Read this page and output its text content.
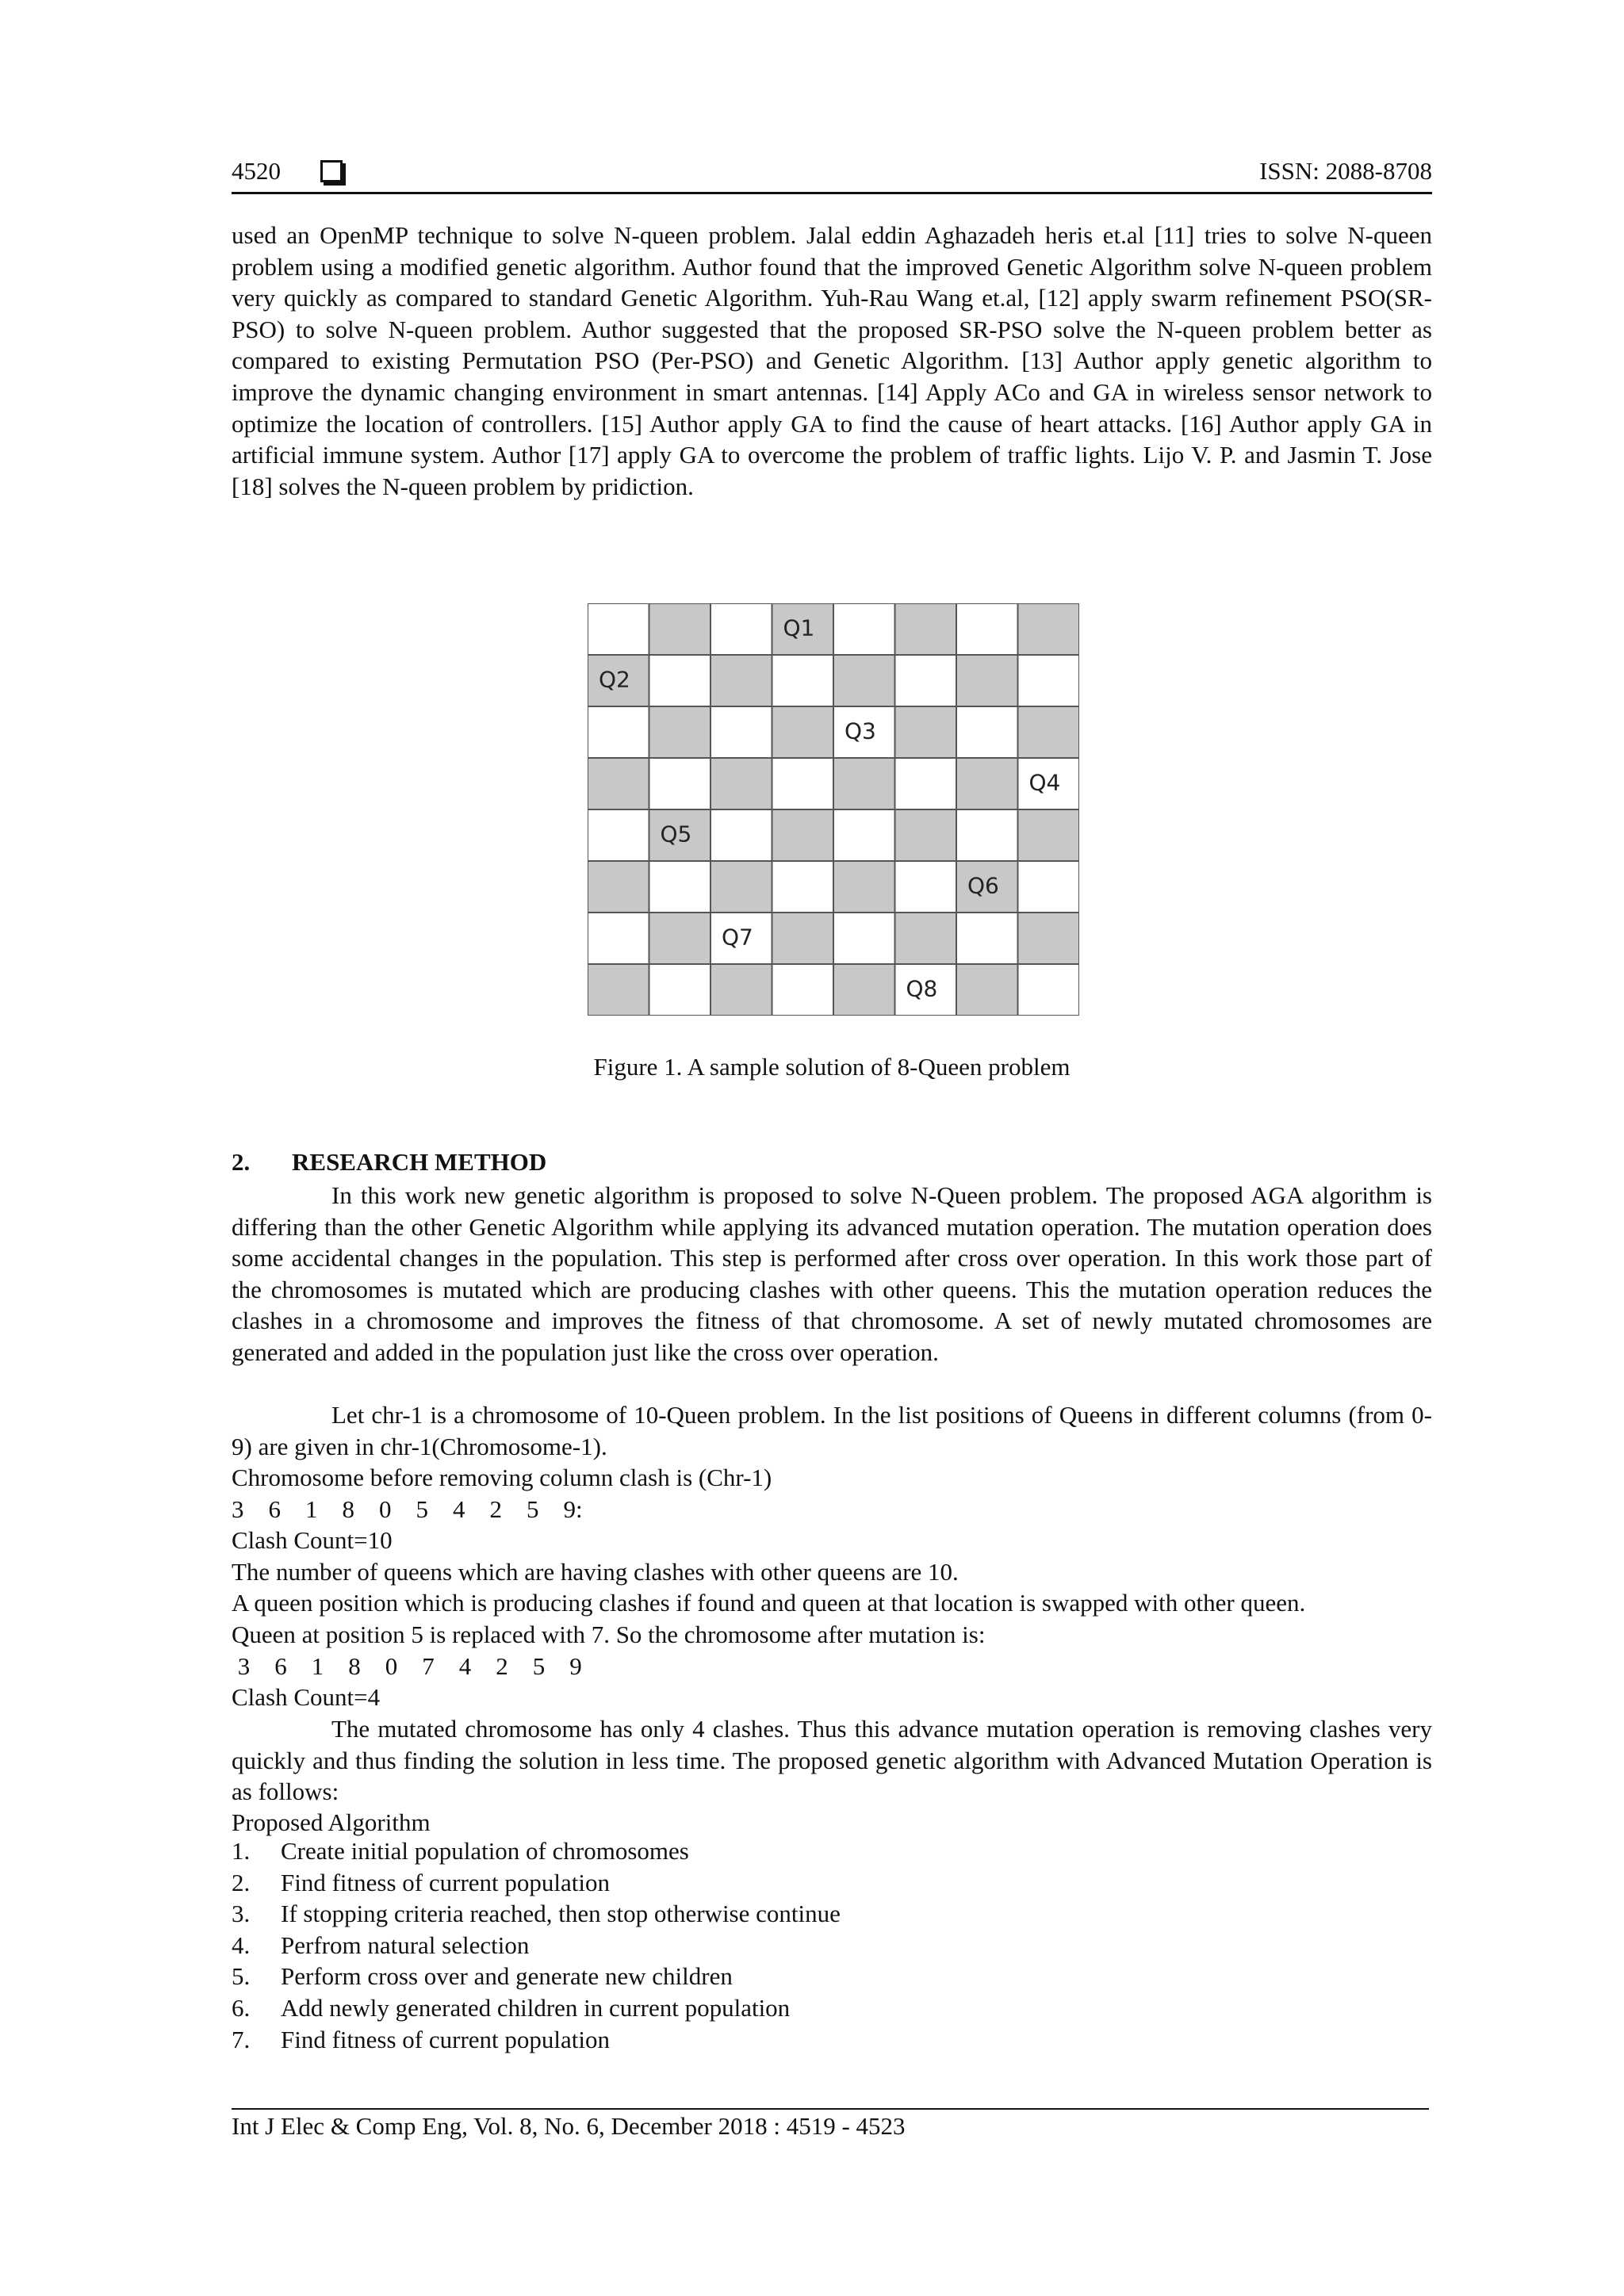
4520	ISSN: 2088-8708

used an OpenMP technique to solve N-queen problem. Jalal eddin Aghazadeh heris et.al [11] tries to solve N-queen problem using a modified genetic algorithm. Author found that the improved Genetic Algorithm solve N-queen problem very quickly as compared to standard Genetic Algorithm. Yuh-Rau Wang et.al, [12] apply swarm refinement PSO(SR-PSO) to solve N-queen problem. Author suggested that the proposed SR-PSO solve the N-queen problem better as compared to existing Permutation PSO (Per-PSO) and Genetic Algorithm. [13] Author apply genetic algorithm to improve the dynamic changing environment in smart antennas. [14] Apply ACo and GA in wireless sensor network to optimize the location of controllers. [15] Author apply GA to find the cause of heart attacks. [16] Author apply GA in artificial immune system. Author [17] apply GA to overcome the problem of traffic lights. Lijo V. P. and Jasmin T. Jose [18] solves the N-queen problem by pridiction.

Q1
Q2
Q3
Q4
Q5
Q6
Q7
Q8
Figure 1. A sample solution of 8-Queen problem
2. RESEARCH METHOD

In this work new genetic algorithm is proposed to solve N-Queen problem. The proposed AGA algorithm is differing than the other Genetic Algorithm while applying its advanced mutation operation. The mutation operation does some accidental changes in the population. This step is performed after cross over operation. In this work those part of the chromosomes is mutated which are producing clashes with other queens. This the mutation operation reduces the clashes in a chromosome and improves the fitness of that chromosome. A set of newly mutated chromosomes are generated and added in the population just like the cross over operation.

Let chr-1 is a chromosome of 10-Queen problem. In the list positions of Queens in different columns (from 0-9) are given in chr-1(Chromosome-1).

Chromosome before removing column clash is (Chr-1)
3    6    1    8    0    5    4    2    5    9:
Clash Count=10
The number of queens which are having clashes with other queens are 10.
A queen position which is producing clashes if found and queen at that location is swapped with other queen.
Queen at position 5 is replaced with 7. So the chromosome after mutation is:
3    6    1    8    0    7    4    2    5    9
Clash Count=4

The mutated chromosome has only 4 clashes. Thus this advance mutation operation is removing clashes very quickly and thus finding the solution in less time. The proposed genetic algorithm with Advanced Mutation Operation is as follows:

Proposed Algorithm
1. Create initial population of chromosomes
2. Find fitness of current population
3. If stopping criteria reached, then stop otherwise continue
4. Perfrom natural selection
5. Perform cross over and generate new children
6. Add newly generated children in current population
7. Find fitness of current population
Int J Elec & Comp Eng, Vol. 8, No. 6, December 2018 : 4519 - 4523
